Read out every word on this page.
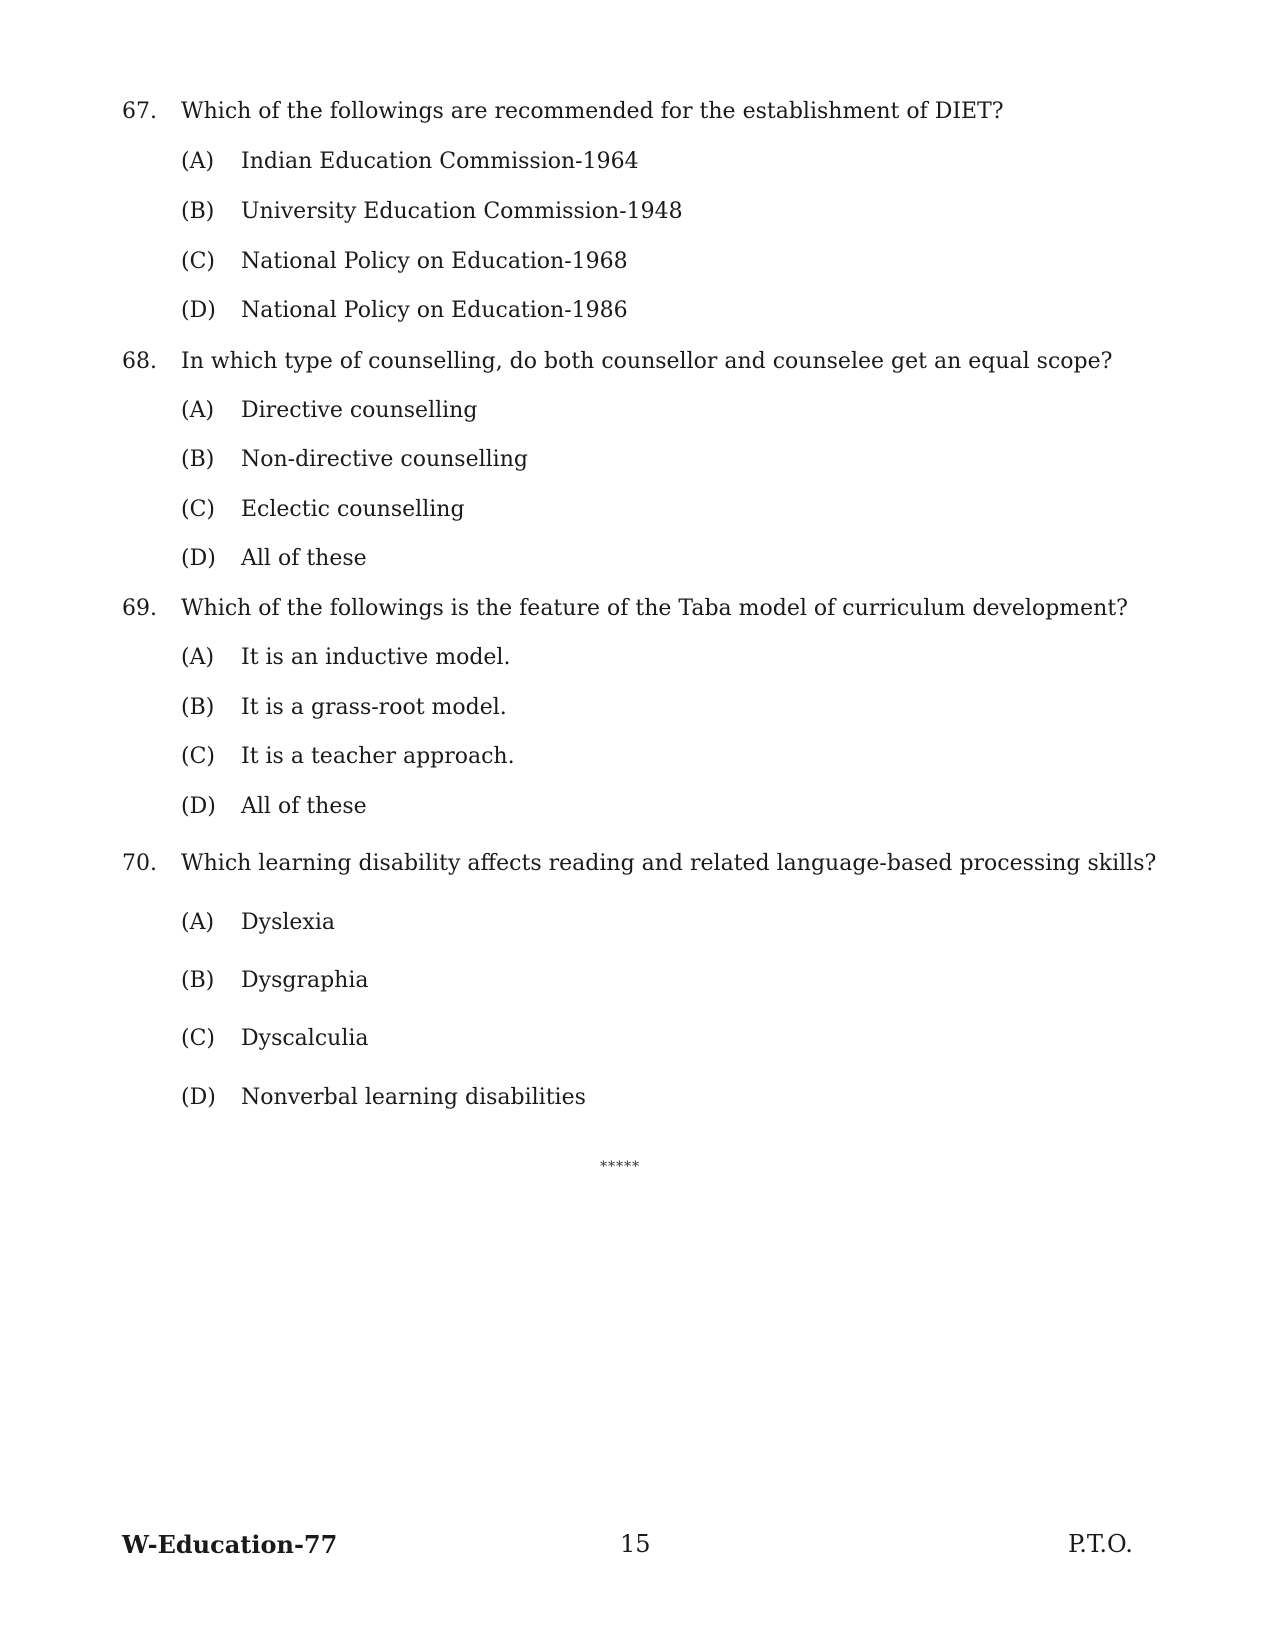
67. Which of the followings are recommended for the establishment of DIET?
(A) Indian Education Commission-1964
(B) University Education Commission-1948
(C) National Policy on Education-1968
(D) National Policy on Education-1986
68. In which type of counselling, do both counsellor and counselee get an equal scope?
(A) Directive counselling
(B) Non-directive counselling
(C) Eclectic counselling
(D) All of these
69. Which of the followings is the feature of the Taba model of curriculum development?
(A) It is an inductive model.
(B) It is a grass-root model.
(C) It is a teacher approach.
(D) All of these
70. Which learning disability affects reading and related language-based processing skills?
(A) Dyslexia
(B) Dysgraphia
(C) Dyscalculia
(D) Nonverbal learning disabilities
*****
W-Education-77	15	P.T.O.
